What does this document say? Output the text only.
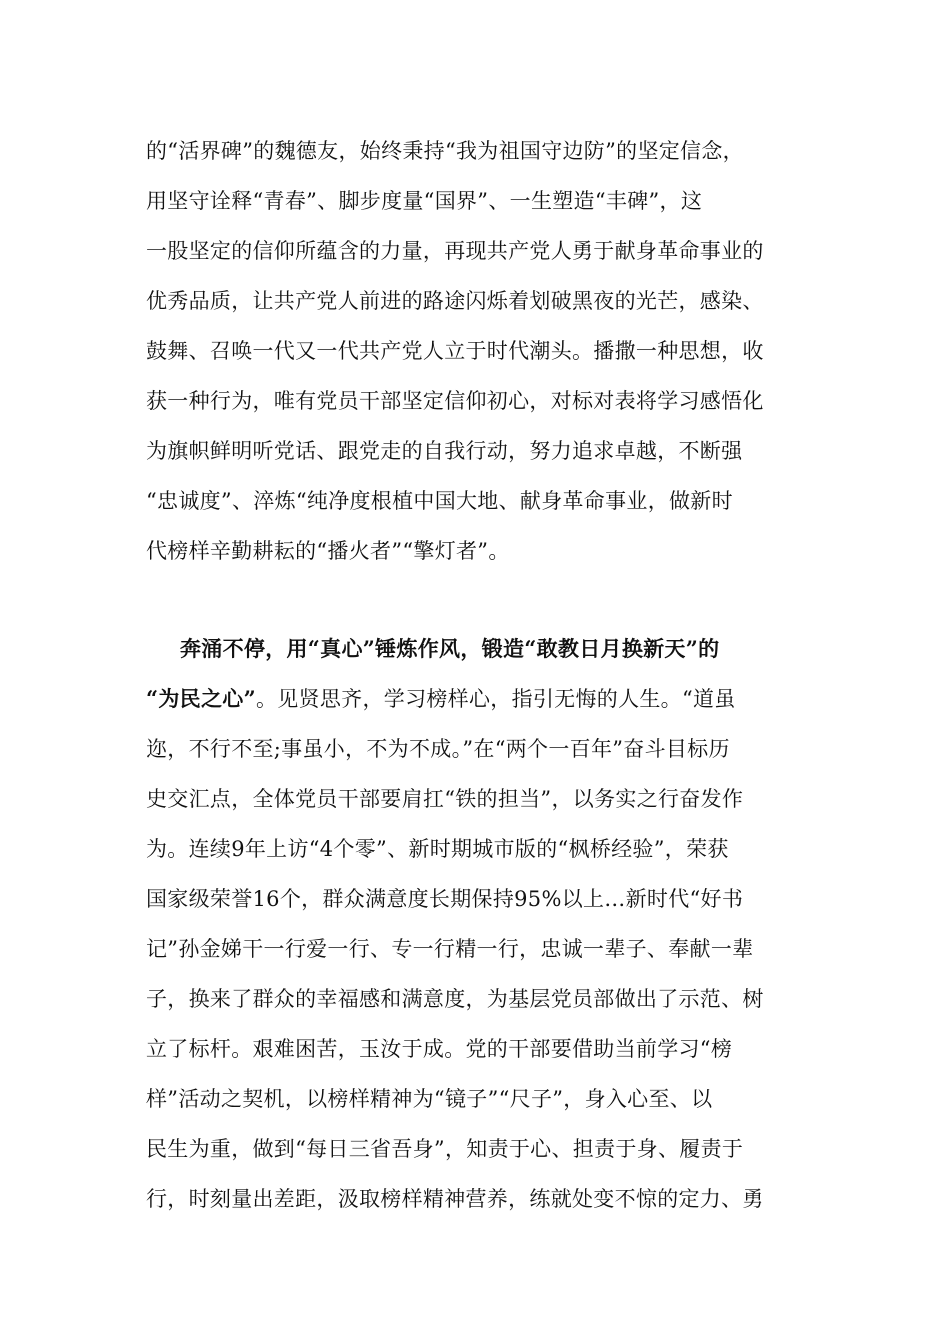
的“活界碑”的魏德友，始终秉持“我为祖国守边防”的坚定信念，
用坚守诠释“青春”、脚步度量“国界”、一生塑造“丰碑”，这
一股坚定的信仰所蕴含的力量，再现共产党人勇于献身革命事业的
优秀品质，让共产党人前进的路途闪烁着划破黑夜的光芒，感染、
鼓舞、召唤一代又一代共产党人立于时代潮头。播撒一种思想，收
获一种行为，唯有党员干部坚定信仰初心，对标对表将学习感悟化
为旗帜鲜明听党话、跟党走的自我行动，努力追求卓越，不断强
“忠诚度”、淬炼“纯净度根植中国大地、献身革命事业，做新时
代榜样辛勤耕耘的“播火者”“擎灯者”。
奔涌不停，用“真心”锤炼作风，锻造“敢教日月换新天”的
“为民之心”。见贤思齐，学习榜样心，指引无悔的人生。“道虽
迩，不行不至;事虽小，不为不成。”在“两个一百年”奋斗目标历
史交汇点，全体党员干部要肩扛“铁的担当”，以务实之行奋发作
为。连续9年上访“4个零”、新时期城市版的“枫桥经验”，荣获
国家级荣誉16个，群众满意度长期保持95%以上…新时代“好书
记”孙金娣干一行爱一行、专一行精一行，忠诚一辈子、奉献一辈
子，换来了群众的幸福感和满意度，为基层党员部做出了示范、树
立了标杆。艰难困苦，玉汝于成。党的干部要借助当前学习“榜
样”活动之契机，以榜样精神为“镜子”“尺子”，身入心至、以
民生为重，做到“每日三省吾身”，知责于心、担责于身、履责于
行，时刻量出差距，汲取榜样精神营养，练就处变不惊的定力、勇
